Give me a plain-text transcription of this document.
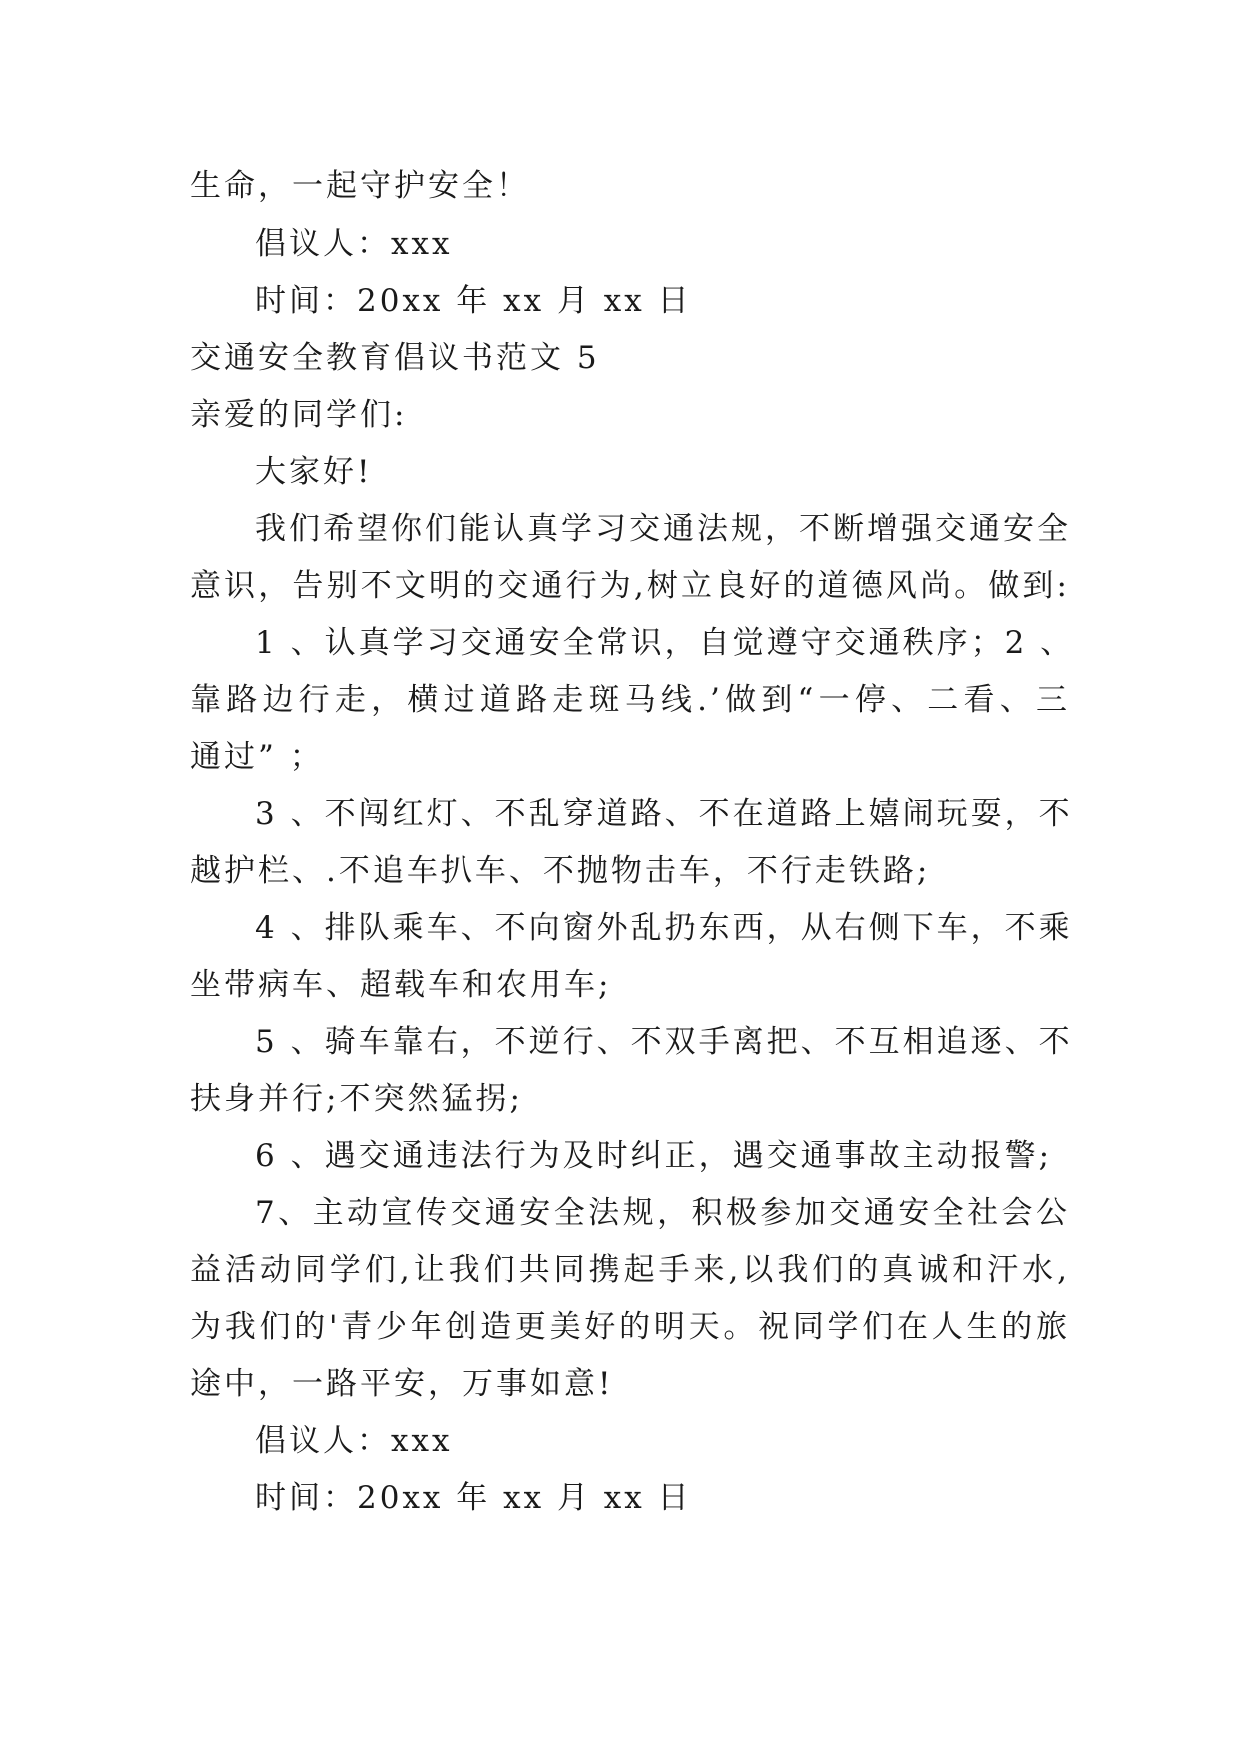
生命，一起守护安全！
倡议人：xxx
时间：20xx 年 xx 月 xx 日
交通安全教育倡议书范文 5
亲爱的同学们:
大家好!
我们希望你们能认真学习交通法规，不断增强交通安全
意识，告别不文明的交通行为,树立良好的道德风尚。做到:
1 、认真学习交通安全常识，自觉遵守交通秩序；2 、
靠路边行走，横过道路走斑马线.’做到“一停、二看、三
通过” ；
3 、不闯红灯、不乱穿道路、不在道路上嬉闹玩耍，不
越护栏、.不追车扒车、不抛物击车，不行走铁路;
4 、排队乘车、不向窗外乱扔东西，从右侧下车，不乘
坐带病车、超载车和农用车;
5 、骑车靠右，不逆行、不双手离把、不互相追逐、不
扶身并行;不突然猛拐;
6 、遇交通违法行为及时纠正，遇交通事故主动报警;
7、主动宣传交通安全法规，积极参加交通安全社会公
益活动同学们,让我们共同携起手来,以我们的真诚和汗水,
为我们的'青少年创造更美好的明天。祝同学们在人生的旅
途中，一路平安，万事如意!
倡议人：xxx
时间：20xx 年 xx 月 xx 日
